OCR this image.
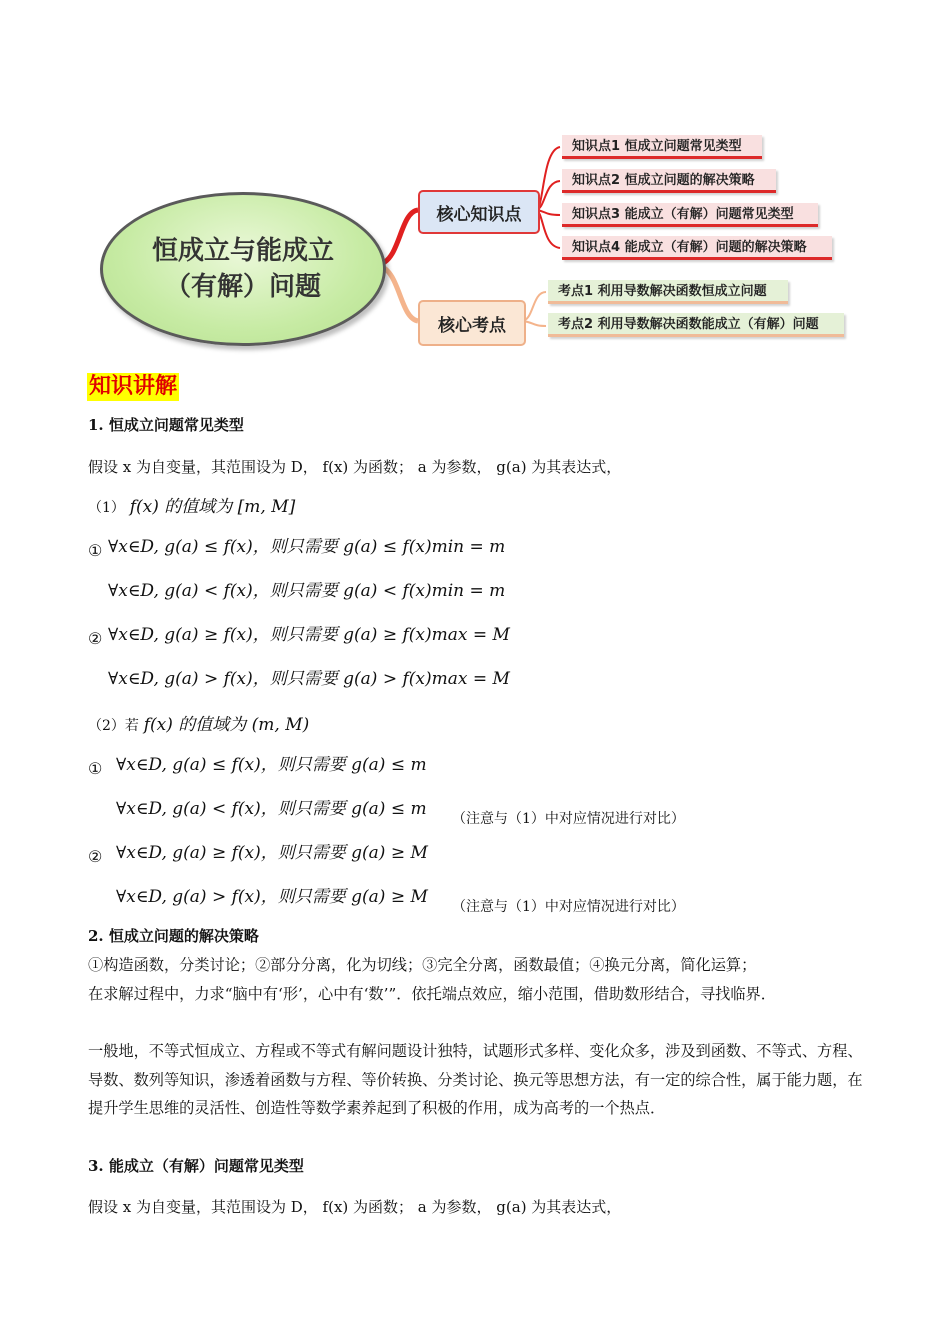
恒成立与能成立
（有解）问题
核心知识点
核心考点
知识点1 恒成立问题常见类型
知识点2 恒成立问题的解决策略
知识点3 能成立（有解）问题常见类型
知识点4 能成立（有解）问题的解决策略
考点1 利用导数解决函数恒成立问题
考点2 利用导数解决函数能成立（有解）问题
知识讲解
1. 恒成立问题常见类型
假设 x 为自变量，其范围设为 D， f(x) 为函数； a 为参数， g(a) 为其表达式，
（1） f(x) 的值域为 [m, M]
① ∀x∈D, g(a) ≤ f(x)，则只需要 g(a) ≤ f(x)min = m
∀x∈D, g(a) < f(x)，则只需要 g(a) < f(x)min = m
② ∀x∈D, g(a) ≥ f(x)，则只需要 g(a) ≥ f(x)max = M
∀x∈D, g(a) > f(x)，则只需要 g(a) > f(x)max = M
（2）若 f(x) 的值域为 (m, M)
① ∀x∈D, g(a) ≤ f(x)，则只需要 g(a) ≤ m
∀x∈D, g(a) < f(x)，则只需要 g(a) ≤ m （注意与（1）中对应情况进行对比）
② ∀x∈D, g(a) ≥ f(x)，则只需要 g(a) ≥ M
∀x∈D, g(a) > f(x)，则只需要 g(a) ≥ M （注意与（1）中对应情况进行对比）
2. 恒成立问题的解决策略
①构造函数，分类讨论；②部分分离，化为切线；③完全分离，函数最值；④换元分离，简化运算；
在求解过程中，力求“脑中有‘形’，心中有‘数’”．依托端点效应，缩小范围，借助数形结合，寻找临界．
一般地，不等式恒成立、方程或不等式有解问题设计独特，试题形式多样、变化众多，涉及到函数、不等式、方程、导数、数列等知识，渗透着函数与方程、等价转换、分类讨论、换元等思想方法，有一定的综合性，属于能力题，在提升学生思维的灵活性、创造性等数学素养起到了积极的作用，成为高考的一个热点．
3. 能成立（有解）问题常见类型
假设 x 为自变量，其范围设为 D， f(x) 为函数； a 为参数， g(a) 为其表达式，
